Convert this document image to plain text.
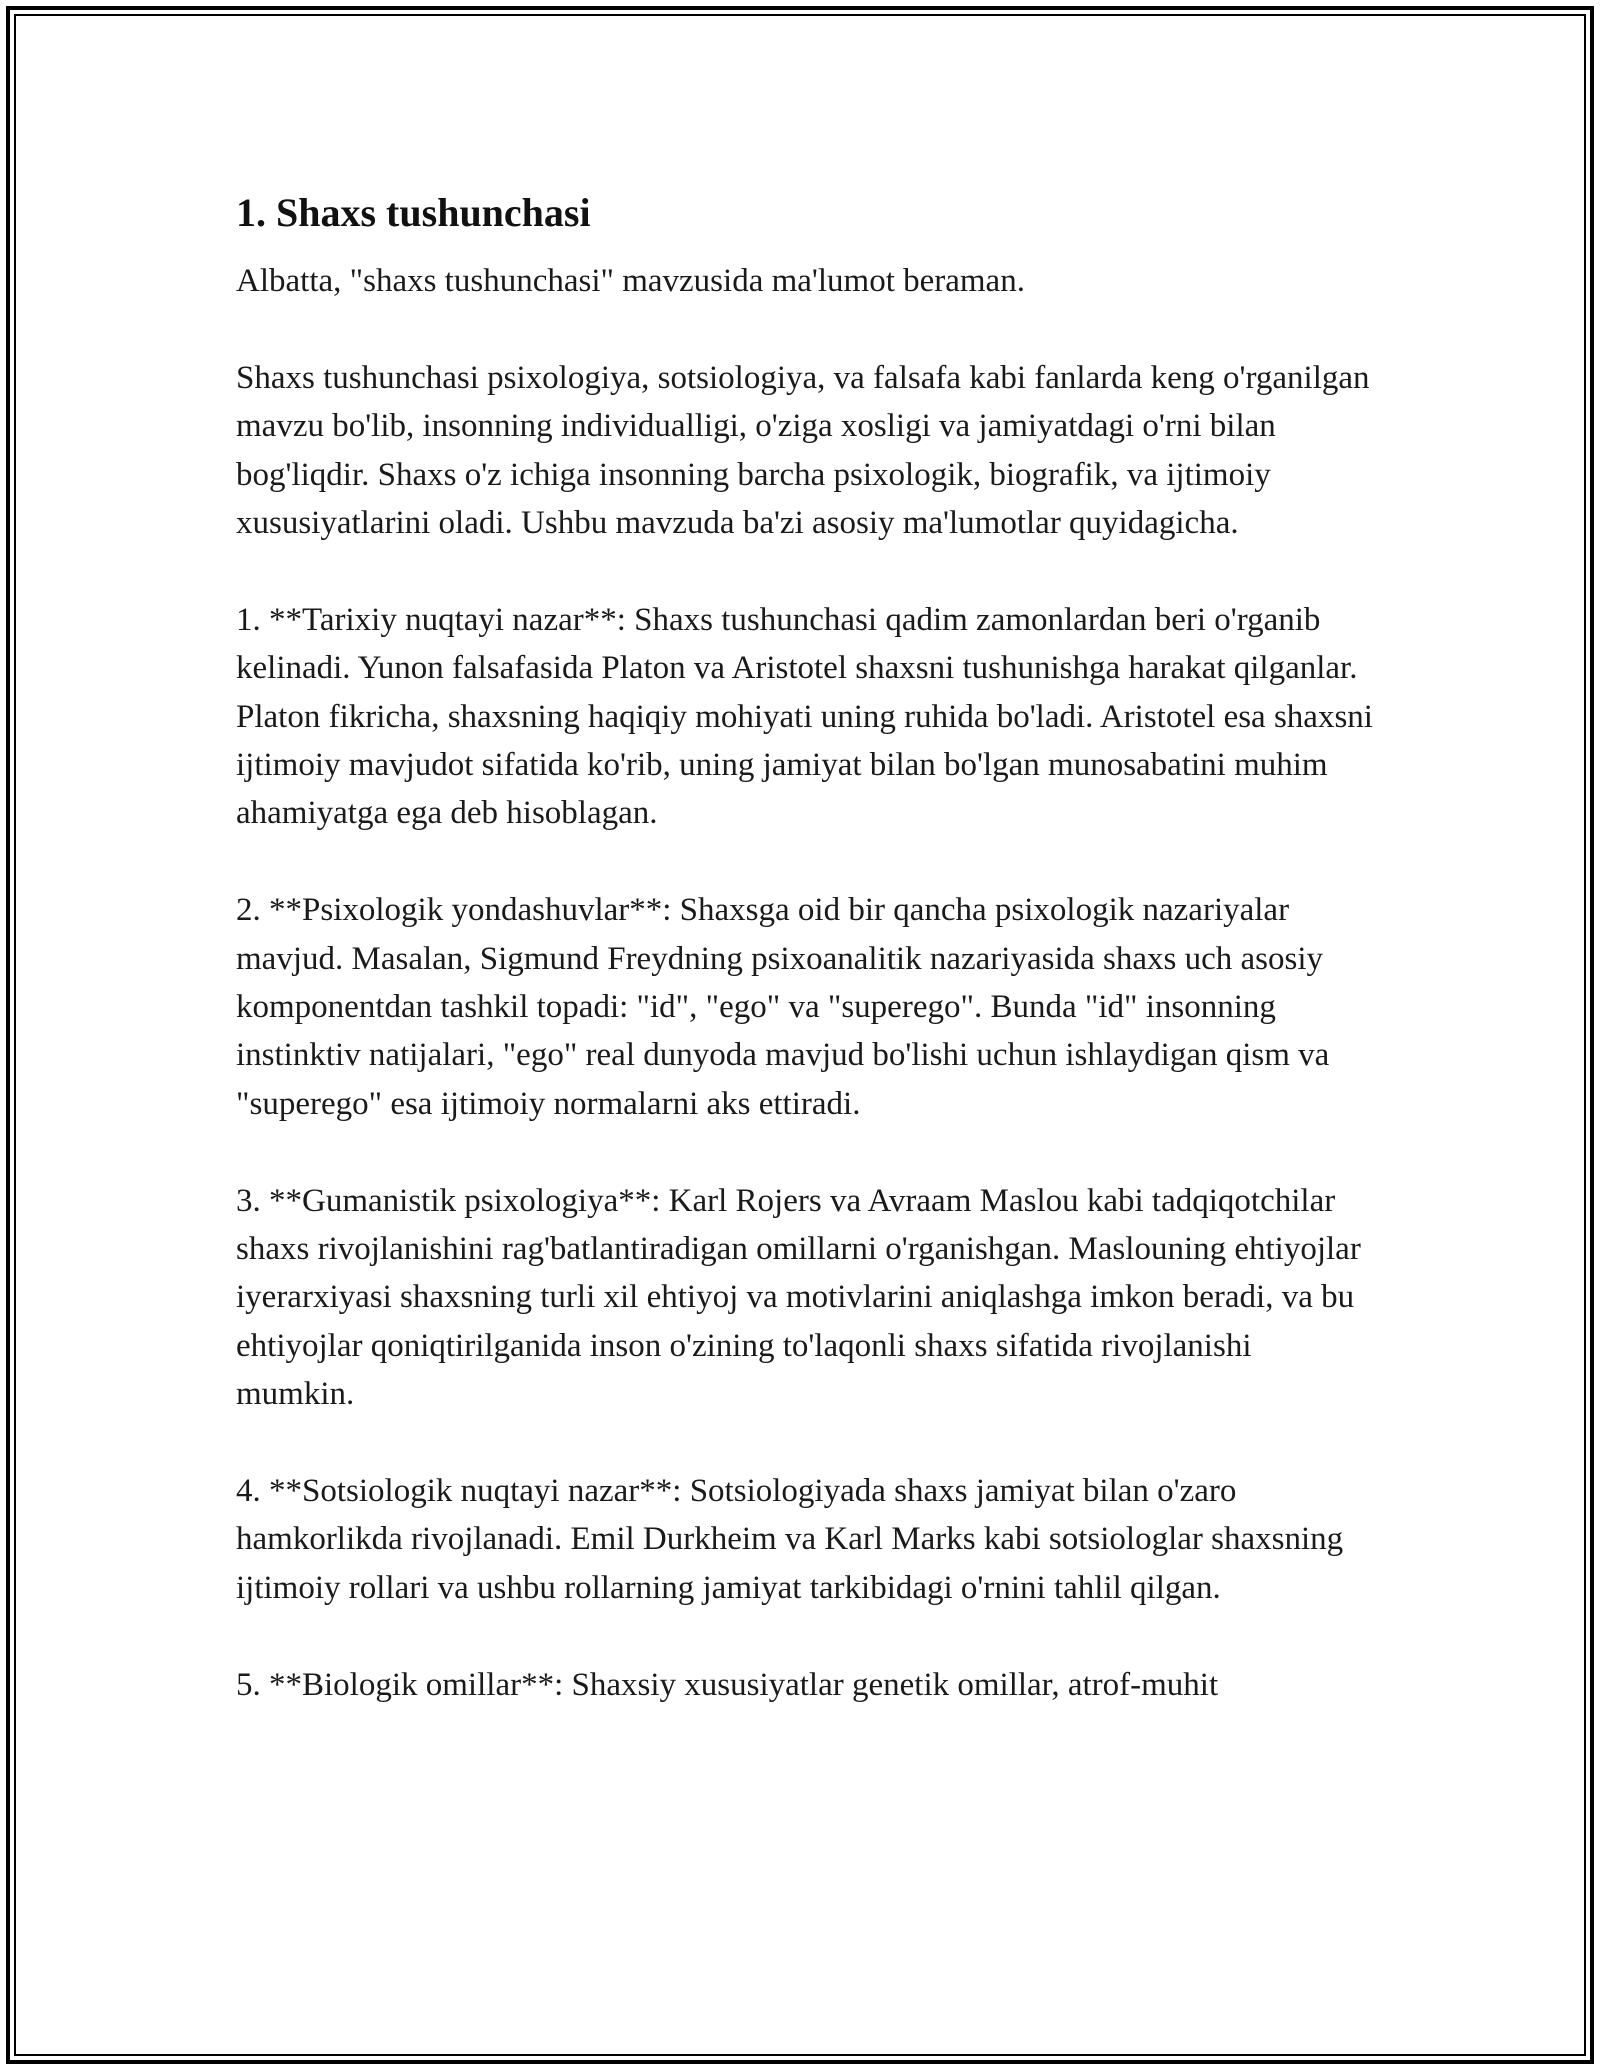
1. Shaxs tushunchasi

Albatta, "shaxs tushunchasi" mavzusida ma'lumot beraman.

Shaxs tushunchasi psixologiya, sotsiologiya, va falsafa kabi fanlarda keng o'rganilgan mavzu bo'lib, insonning individualligi, o'ziga xosligi va jamiyatdagi o'rni bilan bog'liqdir. Shaxs o'z ichiga insonning barcha psixologik, biografik, va ijtimoiy xususiyatlarini oladi. Ushbu mavzuda ba'zi asosiy ma'lumotlar quyidagicha.

1. **Tarixiy nuqtayi nazar**: Shaxs tushunchasi qadim zamonlardan beri o'rganib kelinadi. Yunon falsafasida Platon va Aristotel shaxsni tushunishga harakat qilganlar. Platon fikricha, shaxsning haqiqiy mohiyati uning ruhida bo'ladi. Aristotel esa shaxsni ijtimoiy mavjudot sifatida ko'rib, uning jamiyat bilan bo'lgan munosabatini muhim ahamiyatga ega deb hisoblagan.

2. **Psixologik yondashuvlar**: Shaxsga oid bir qancha psixologik nazariyalar mavjud. Masalan, Sigmund Freydning psixoanalitik nazariyasida shaxs uch asosiy komponentdan tashkil topadi: "id", "ego" va "superego". Bunda "id" insonning instinktiv natijalari, "ego" real dunyoda mavjud bo'lishi uchun ishlaydigan qism va "superego" esa ijtimoiy normalarni aks ettiradi.

3. **Gumanistik psixologiya**: Karl Rojers va Avraam Maslou kabi tadqiqotchilar shaxs rivojlanishini rag'batlantiradigan omillarni o'rganishgan. Maslouning ehtiyojlar iyerarxiyasi shaxsning turli xil ehtiyoj va motivlarini aniqlashga imkon beradi, va bu ehtiyojlar qoniqtirilganida inson o'zining to'laqonli shaxs sifatida rivojlanishi mumkin.

4. **Sotsiologik nuqtayi nazar**: Sotsiologiyada shaxs jamiyat bilan o'zaro hamkorlikda rivojlanadi. Emil Durkheim va Karl Marks kabi sotsiologlar shaxsning ijtimoiy rollari va ushbu rollarning jamiyat tarkibidagi o'rnini tahlil qilgan.

5. **Biologik omillar**: Shaxsiy xususiyatlar genetik omillar, atrof-muhit
